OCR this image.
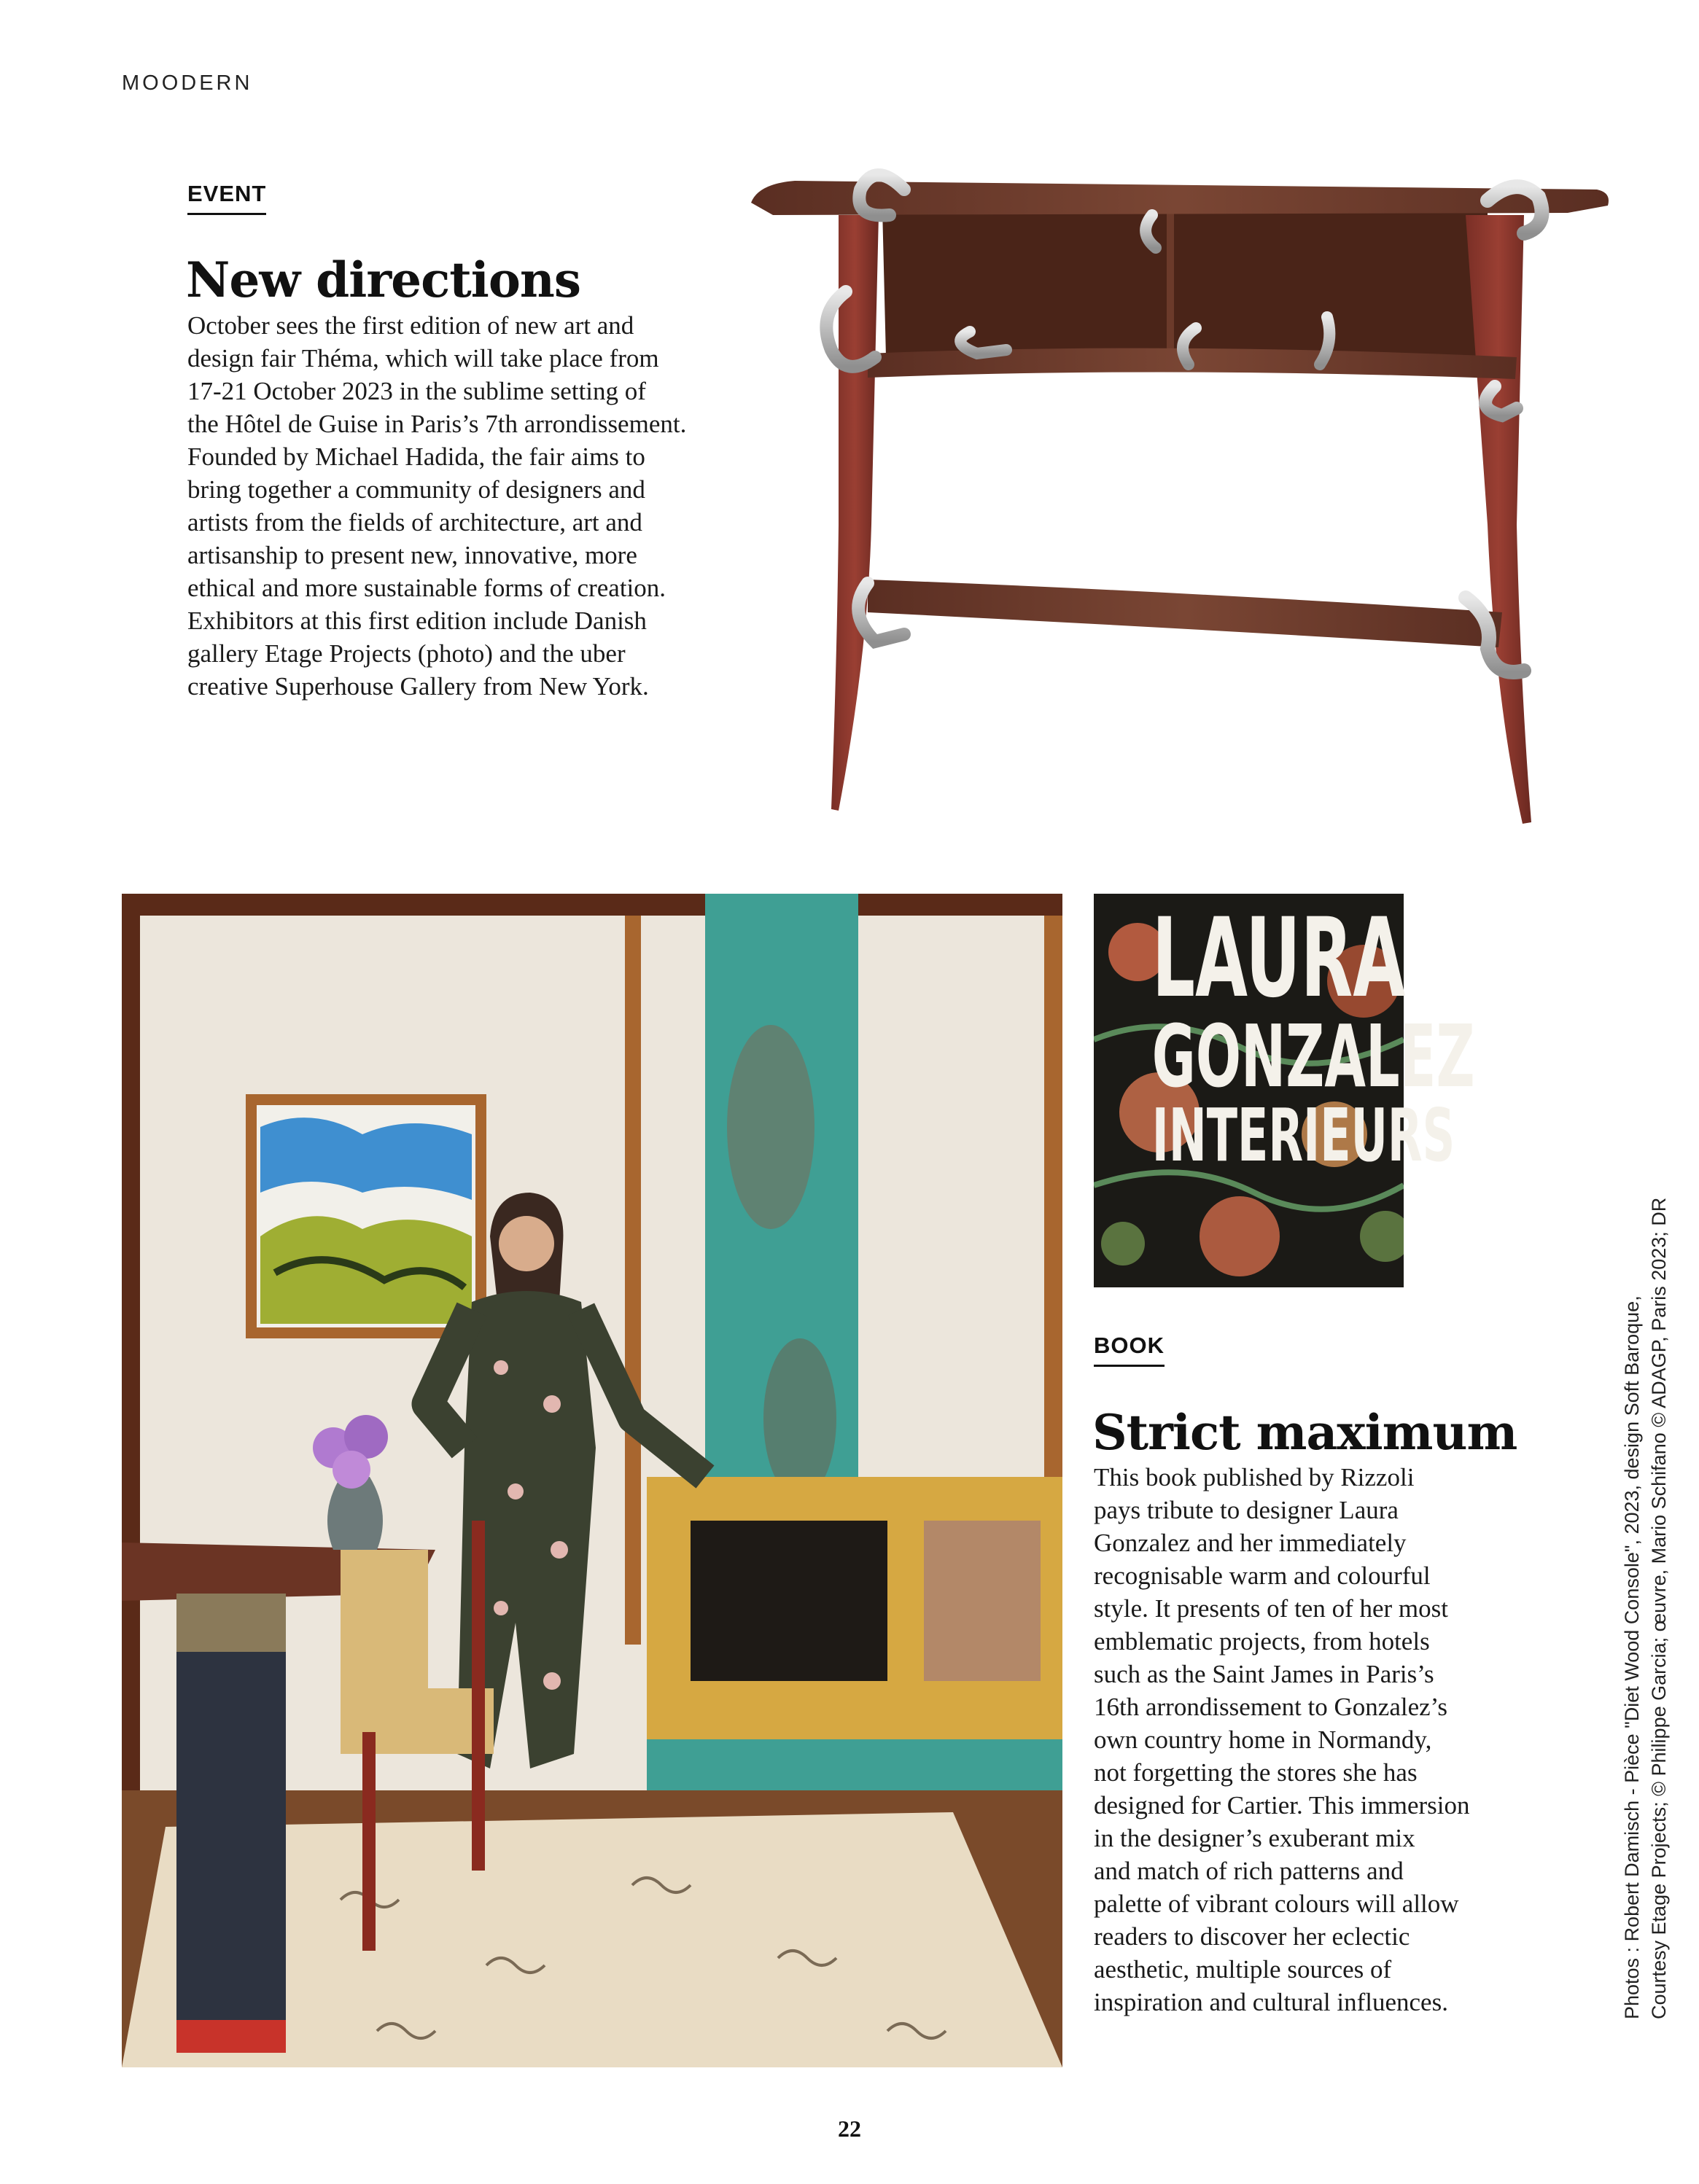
MOODERN
EVENT
New directions
October sees the first edition of new art and
design fair Théma, which will take place from
17-21 October 2023 in the sublime setting of
the Hôtel de Guise in Paris’s 7th arrondissement.
Founded by Michael Hadida, the fair aims to
bring together a community of designers and
artists from the fields of architecture, art and
artisanship to present new, innovative, more
ethical and more sustainable forms of creation.
Exhibitors at this first edition include Danish
gallery Etage Projects (photo) and the uber
creative Superhouse Gallery from New York.
LAURA
GONZALEZ
INTERIEURS
BOOK
Strict maximum
This book published by Rizzoli
pays tribute to designer Laura
Gonzalez and her immediately
recognisable warm and colourful
style. It presents of ten of her most
emblematic projects, from hotels
such as the Saint James in Paris’s
16th arrondissement to Gonzalez’s
own country home in Normandy,
not forgetting the stores she has
designed for Cartier. This immersion
in the designer’s exuberant mix
and match of rich patterns and
palette of vibrant colours will allow
readers to discover her eclectic
aesthetic, multiple sources of
inspiration and cultural influences.	Photos : Robert Damisch - Pièce "Diet Wood Console", 2023, design Soft Baroque, Courtesy Etage Projects; © Philippe Garcia; œuvre, Mario Schifano © ADAGP, Paris 2023; DR
22
